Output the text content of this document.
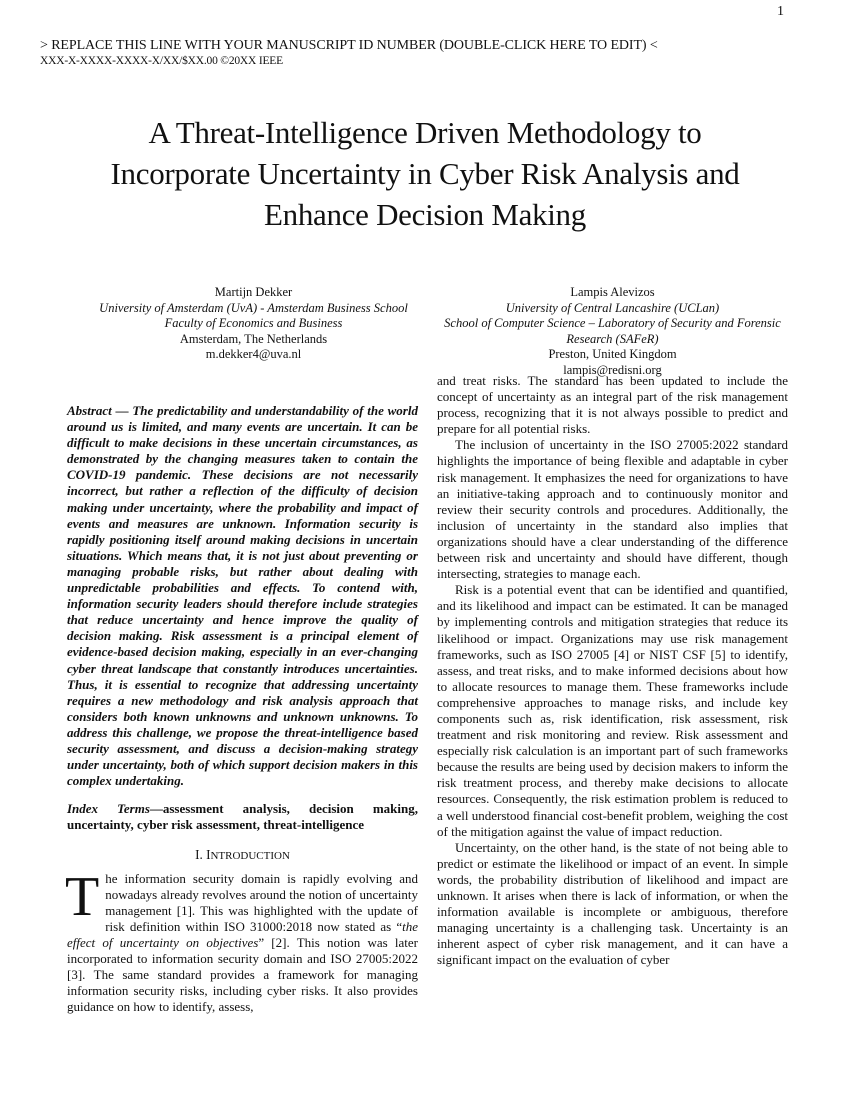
1
> REPLACE THIS LINE WITH YOUR MANUSCRIPT ID NUMBER (DOUBLE-CLICK HERE TO EDIT) <
XXX-X-XXXX-XXXX-X/XX/$XX.00 ©20XX IEEE
A Threat-Intelligence Driven Methodology to
Incorporate Uncertainty in Cyber Risk Analysis and
Enhance Decision Making
Martijn Dekker
University of Amsterdam (UvA) - Amsterdam Business School
Faculty of Economics and Business
Amsterdam, The Netherlands
m.dekker4@uva.nl
Lampis Alevizos
University of Central Lancashire (UCLan)
School of Computer Science – Laboratory of Security and Forensic Research (SAFeR)
Preston, United Kingdom
lampis@redisni.org

Abstract — The predictability and understandability of the world around us is limited, and many events are uncertain. It can be difficult to make decisions in these uncertain circumstances, as demonstrated by the changing measures taken to contain the COVID-19 pandemic. These decisions are not necessarily incorrect, but rather a reflection of the difficulty of decision making under uncertainty, where the probability and impact of events and measures are unknown. Information security is rapidly positioning itself around making decisions in uncertain situations. Which means that, it is not just about preventing or managing probable risks, but rather about dealing with unpredictable probabilities and effects. To contend with, information security leaders should therefore include strategies that reduce uncertainty and hence improve the quality of decision making. Risk assessment is a principal element of evidence-based decision making, especially in an ever-changing cyber threat landscape that constantly introduces uncertainties. Thus, it is essential to recognize that addressing uncertainty requires a new methodology and risk analysis approach that considers both known unknowns and unknown unknowns. To address this challenge, we propose the threat-intelligence based security assessment, and discuss a decision-making strategy under uncertainty, both of which support decision makers in this complex undertaking.

Index Terms—assessment analysis, decision making, uncertainty, cyber risk assessment, threat-intelligence

I. INTRODUCTION

The information security domain is rapidly evolving and nowadays already revolves around the notion of uncertainty management [1]. This was highlighted with the update of risk definition within ISO 31000:2018 now stated as “the effect of uncertainty on objectives” [2]. This notion was later incorporated to information security domain and ISO 27005:2022 [3]. The same standard provides a framework for managing information security risks, including cyber risks. It also provides guidance on how to identify, assess,

and treat risks. The standard has been updated to include the concept of uncertainty as an integral part of the risk management process, recognizing that it is not always possible to predict and prepare for all potential risks.

The inclusion of uncertainty in the ISO 27005:2022 standard highlights the importance of being flexible and adaptable in cyber risk management. It emphasizes the need for organizations to have an initiative-taking approach and to continuously monitor and review their security controls and procedures. Additionally, the inclusion of uncertainty in the standard also implies that organizations should have a clear understanding of the difference between risk and uncertainty and should have different, though intersecting, strategies to manage each.

Risk is a potential event that can be identified and quantified, and its likelihood and impact can be estimated. It can be managed by implementing controls and mitigation strategies that reduce its likelihood or impact. Organizations may use risk management frameworks, such as ISO 27005 [4] or NIST CSF [5] to identify, assess, and treat risks, and to make informed decisions about how to allocate resources to manage them. These frameworks include comprehensive approaches to manage risks, and include key components such as, risk identification, risk assessment, risk treatment and risk monitoring and review. Risk assessment and especially risk calculation is an important part of such frameworks because the results are being used by decision makers to inform the risk treatment process, and thereby make decisions to allocate resources. Consequently, the risk estimation problem is reduced to a well understood financial cost-benefit problem, weighing the cost of the mitigation against the value of impact reduction.

Uncertainty, on the other hand, is the state of not being able to predict or estimate the likelihood or impact of an event. In simple words, the probability distribution of likelihood and impact are unknown. It arises when there is lack of information, or when the information available is incomplete or ambiguous, therefore managing uncertainty is a challenging task. Uncertainty is an inherent aspect of cyber risk management, and it can have a significant impact on the evaluation of cyber
